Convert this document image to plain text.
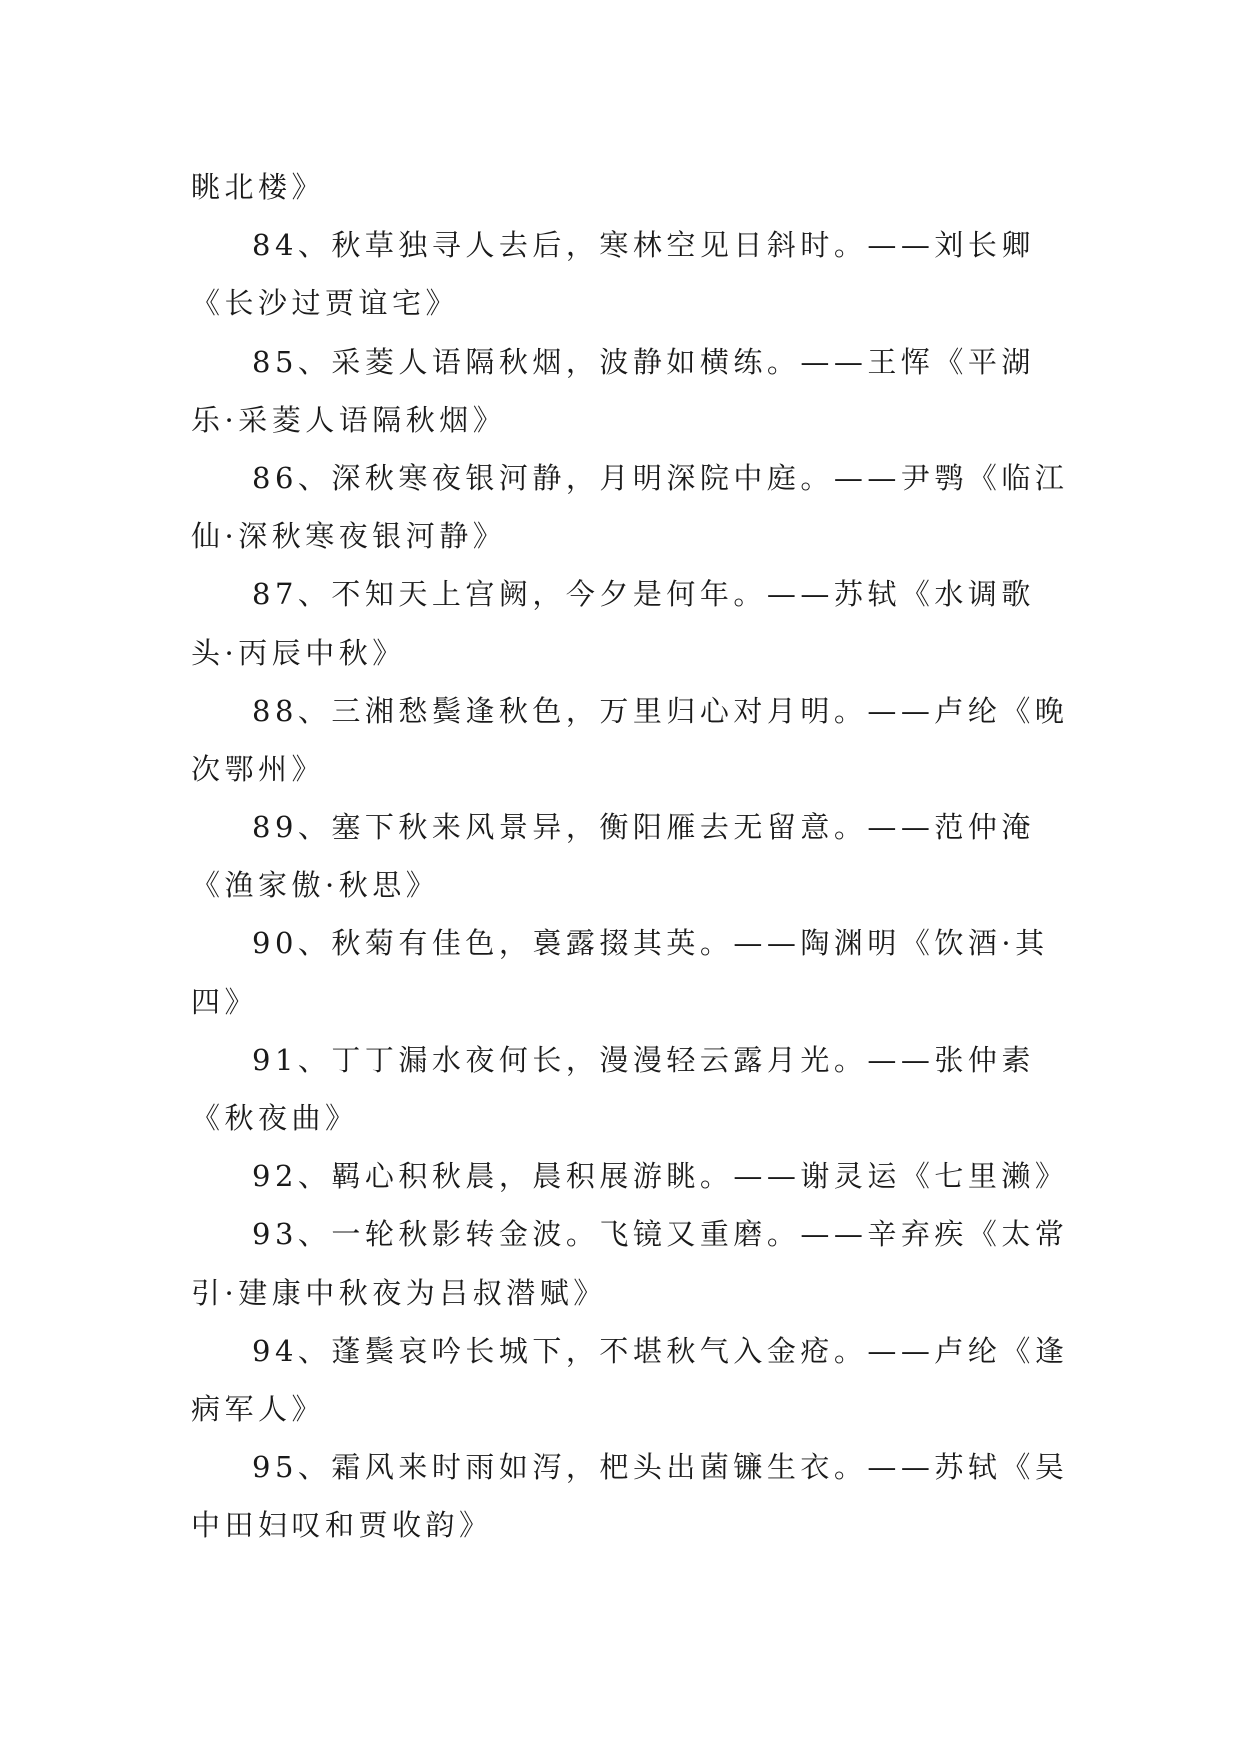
眺北楼》
84、秋草独寻人去后，寒林空见日斜时。——刘长卿
《长沙过贾谊宅》
85、采菱人语隔秋烟，波静如横练。——王恽《平湖
乐·采菱人语隔秋烟》
86、深秋寒夜银河静，月明深院中庭。——尹鹗《临江
仙·深秋寒夜银河静》
87、不知天上宫阙，今夕是何年。——苏轼《水调歌
头·丙辰中秋》
88、三湘愁鬓逢秋色，万里归心对月明。——卢纶《晚
次鄂州》
89、塞下秋来风景异，衡阳雁去无留意。——范仲淹
《渔家傲·秋思》
90、秋菊有佳色，裛露掇其英。——陶渊明《饮酒·其
四》
91、丁丁漏水夜何长，漫漫轻云露月光。——张仲素
《秋夜曲》
92、羁心积秋晨，晨积展游眺。——谢灵运《七里濑》
93、一轮秋影转金波。飞镜又重磨。——辛弃疾《太常
引·建康中秋夜为吕叔潜赋》
94、蓬鬓哀吟长城下，不堪秋气入金疮。——卢纶《逢
病军人》
95、霜风来时雨如泻，杷头出菌镰生衣。——苏轼《吴
中田妇叹和贾收韵》
